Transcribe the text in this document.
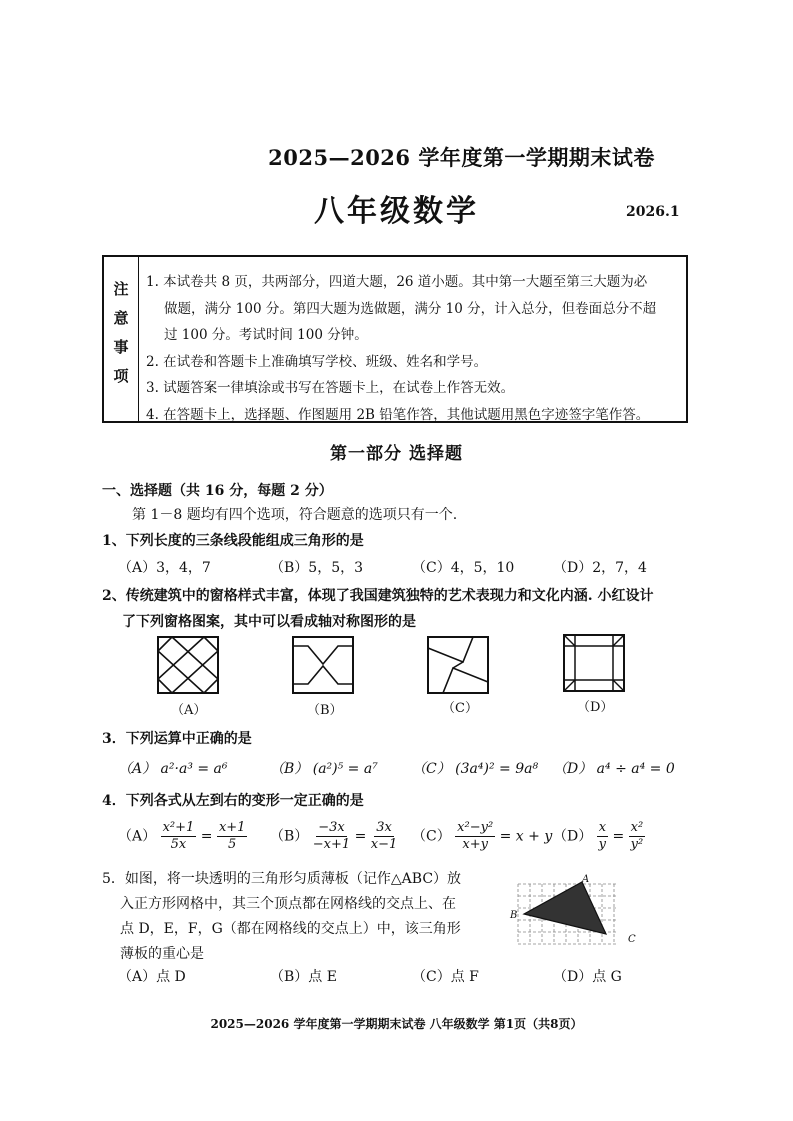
2025—2026 学年度第一学期期末试卷
八年级数学	2026.1
注意事项 1. 本试卷共 8 页，共两部分，四道大题，26 道小题。其中第一大题至第三大题为必

做题，满分 100 分。第四大题为选做题，满分 10 分，计入总分，但卷面总分不超

过 100 分。考试时间 100 分钟。

2. 在试卷和答题卡上准确填写学校、班级、姓名和学号。

3. 试题答案一律填涂或书写在答题卡上，在试卷上作答无效。

4. 在答题卡上，选择题、作图题用 2B 铅笔作答，其他试题用黑色字迹签字笔作答。

第一部分 选择题
一、选择题（共 16 分，每题 2 分）
第 1－8 题均有四个选项，符合题意的选项只有一个.
1、下列长度的三条线段能组成三角形的是
（A）3，4，7	（B）5，5，3	（C）4，5，10	（D）2，7，4
2、传统建筑中的窗格样式丰富，体现了我国建筑独特的艺术表现力和文化内涵. 小红设计
了下列窗格图案，其中可以看成轴对称图形的是
（A）	（B）	（C）	（D）
3．下列运算中正确的是
（A） a²·a³ = a⁶	（B） (a²)⁵ = a⁷ （C） (3a⁴)² = 9a⁸ （D） a⁴ ÷ a⁴ = 0
4．下列各式从左到右的变形一定正确的是
$(A) \frac{\text{x²+1}}{5x} = \frac{x+1}{5} (B) \frac{-3x}{-x+1} = \frac{3x}{x-1} (C) \frac{\text{x²−y²}}{x+y} = x + y$ $(D) \frac{x}{y} = \frac{\text{x²}}{\text{y²}}$
5．如图，将一块透明的三角形匀质薄板（记作△ABC）放
入正方形网格中，其三个顶点都在网格线的交点上、在
点 D，E，F，G（都在网格线的交点上）中，该三角形
薄板的重心是
（A）点 D	（B）点 E	（C）点 F	（D）点 G
A
B
C
2025—2026 学年度第一学期期末试卷 八年级数学 第1页（共8页）
